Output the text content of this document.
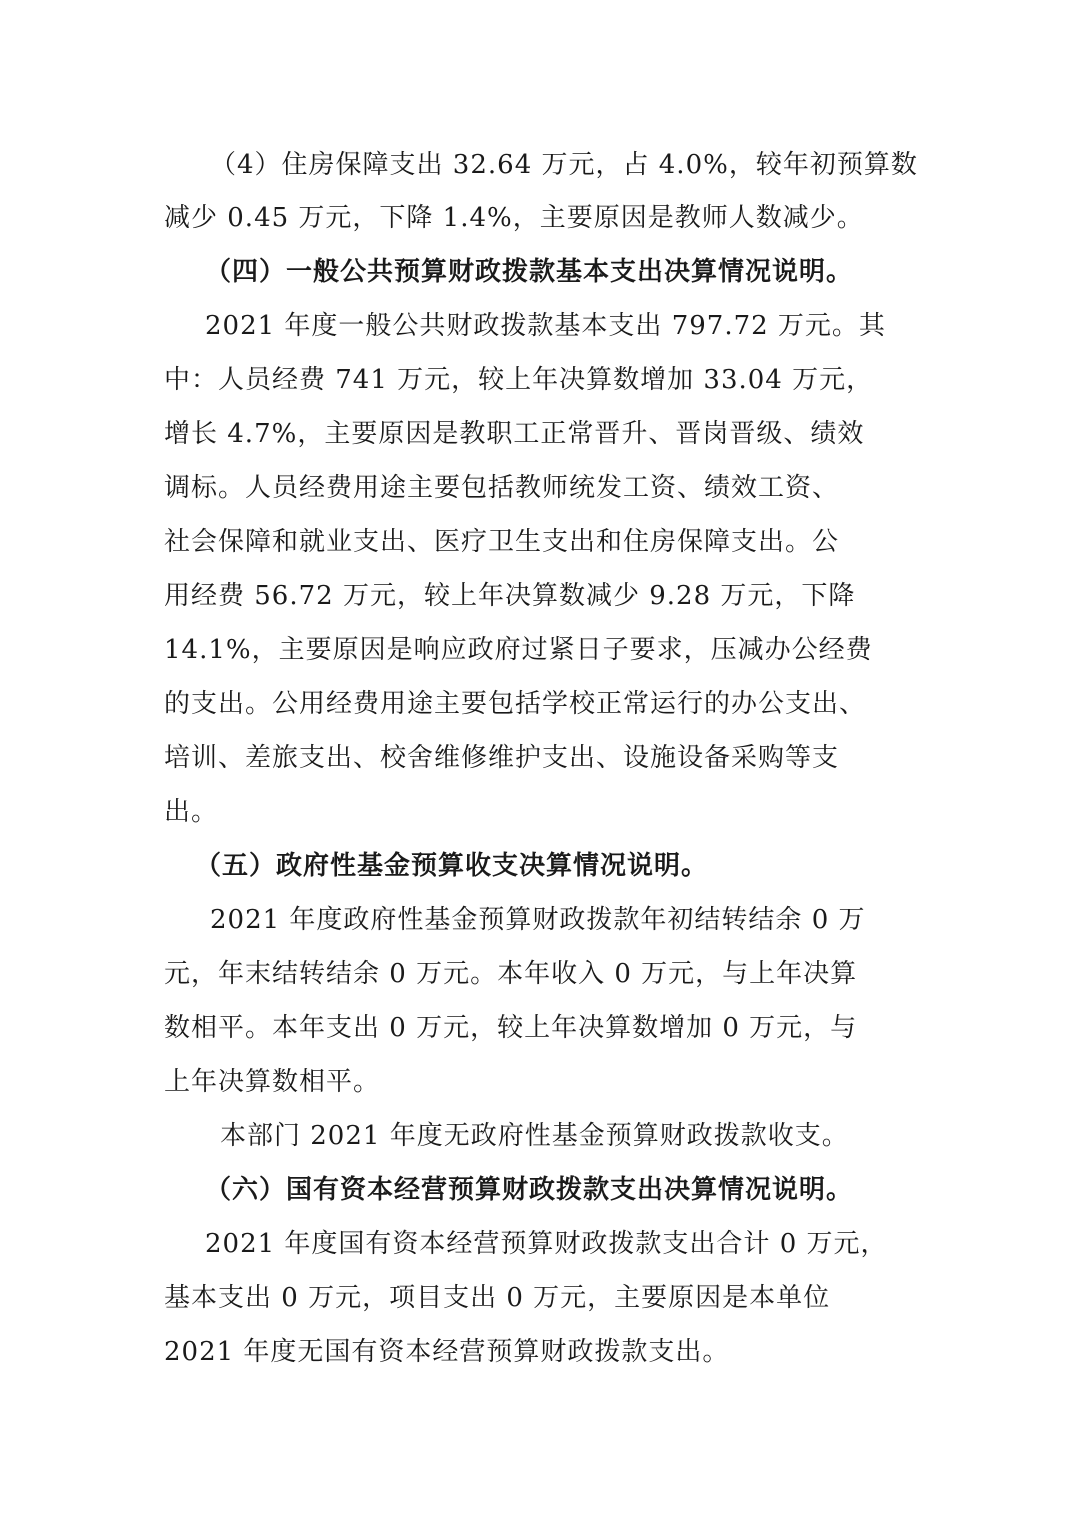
（4）住房保障支出 32.64 万元，占 4.0%，较年初预算数
减少 0.45 万元，下降 1.4%，主要原因是教师人数减少。
（四）一般公共预算财政拨款基本支出决算情况说明。
2021 年度一般公共财政拨款基本支出 797.72 万元。其
中：人员经费 741 万元，较上年决算数增加 33.04 万元，
增长 4.7%，主要原因是教职工正常晋升、晋岗晋级、绩效
调标。人员经费用途主要包括教师统发工资、绩效工资、
社会保障和就业支出、医疗卫生支出和住房保障支出。公
用经费 56.72 万元，较上年决算数减少 9.28 万元，下降
14.1%，主要原因是响应政府过紧日子要求，压减办公经费
的支出。公用经费用途主要包括学校正常运行的办公支出、
培训、差旅支出、校舍维修维护支出、设施设备采购等支
出。
（五）政府性基金预算收支决算情况说明。
2021 年度政府性基金预算财政拨款年初结转结余 0 万
元，年末结转结余 0 万元。本年收入 0 万元，与上年决算
数相平。本年支出 0 万元，较上年决算数增加 0 万元，与
上年决算数相平。
本部门 2021 年度无政府性基金预算财政拨款收支。
（六）国有资本经营预算财政拨款支出决算情况说明。
2021 年度国有资本经营预算财政拨款支出合计 0 万元，
基本支出 0 万元，项目支出 0 万元，主要原因是本单位
2021 年度无国有资本经营预算财政拨款支出。
